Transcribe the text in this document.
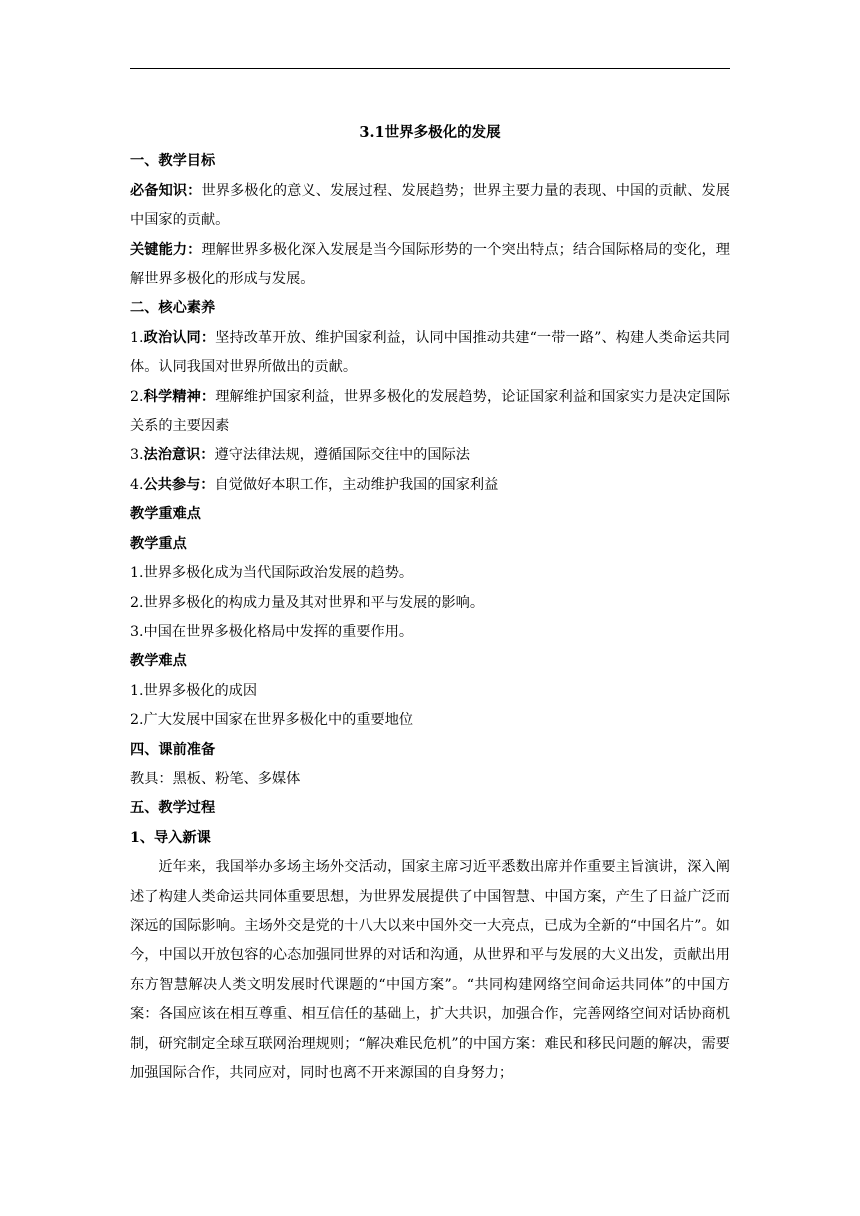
3.1世界多极化的发展

一、教学目标

必备知识：世界多极化的意义、发展过程、发展趋势；世界主要力量的表现、中国的贡献、发展中国家的贡献。

关键能力：理解世界多极化深入发展是当今国际形势的一个突出特点；结合国际格局的变化，理解世界多极化的形成与发展。

二、核心素养

1.政治认同：坚持改革开放、维护国家利益，认同中国推动共建“一带一路”、构建人类命运共同体。认同我国对世界所做出的贡献。

2.科学精神：理解维护国家利益，世界多极化的发展趋势，论证国家利益和国家实力是决定国际关系的主要因素

3.法治意识：遵守法律法规，遵循国际交往中的国际法

4.公共参与：自觉做好本职工作，主动维护我国的国家利益

教学重难点

教学重点

1.世界多极化成为当代国际政治发展的趋势。

2.世界多极化的构成力量及其对世界和平与发展的影响。

3.中国在世界多极化格局中发挥的重要作用。

教学难点

1.世界多极化的成因

2.广大发展中国家在世界多极化中的重要地位

四、课前准备

教具：黑板、粉笔、多媒体

五、教学过程

1、导入新课

近年来，我国举办多场主场外交活动，国家主席习近平悉数出席并作重要主旨演讲，深入阐述了构建人类命运共同体重要思想，为世界发展提供了中国智慧、中国方案，产生了日益广泛而深远的国际影响。主场外交是党的十八大以来中国外交一大亮点，已成为全新的“中国名片”。如今，中国以开放包容的心态加强同世界的对话和沟通，从世界和平与发展的大义出发，贡献出用东方智慧解决人类文明发展时代课题的“中国方案”。“共同构建网络空间命运共同体”的中国方案：各国应该在相互尊重、相互信任的基础上，扩大共识，加强合作，完善网络空间对话协商机制，研究制定全球互联网治理规则；“解决难民危机”的中国方案：难民和移民问题的解决，需要加强国际合作，共同应对，同时也离不开来源国的自身努力；
